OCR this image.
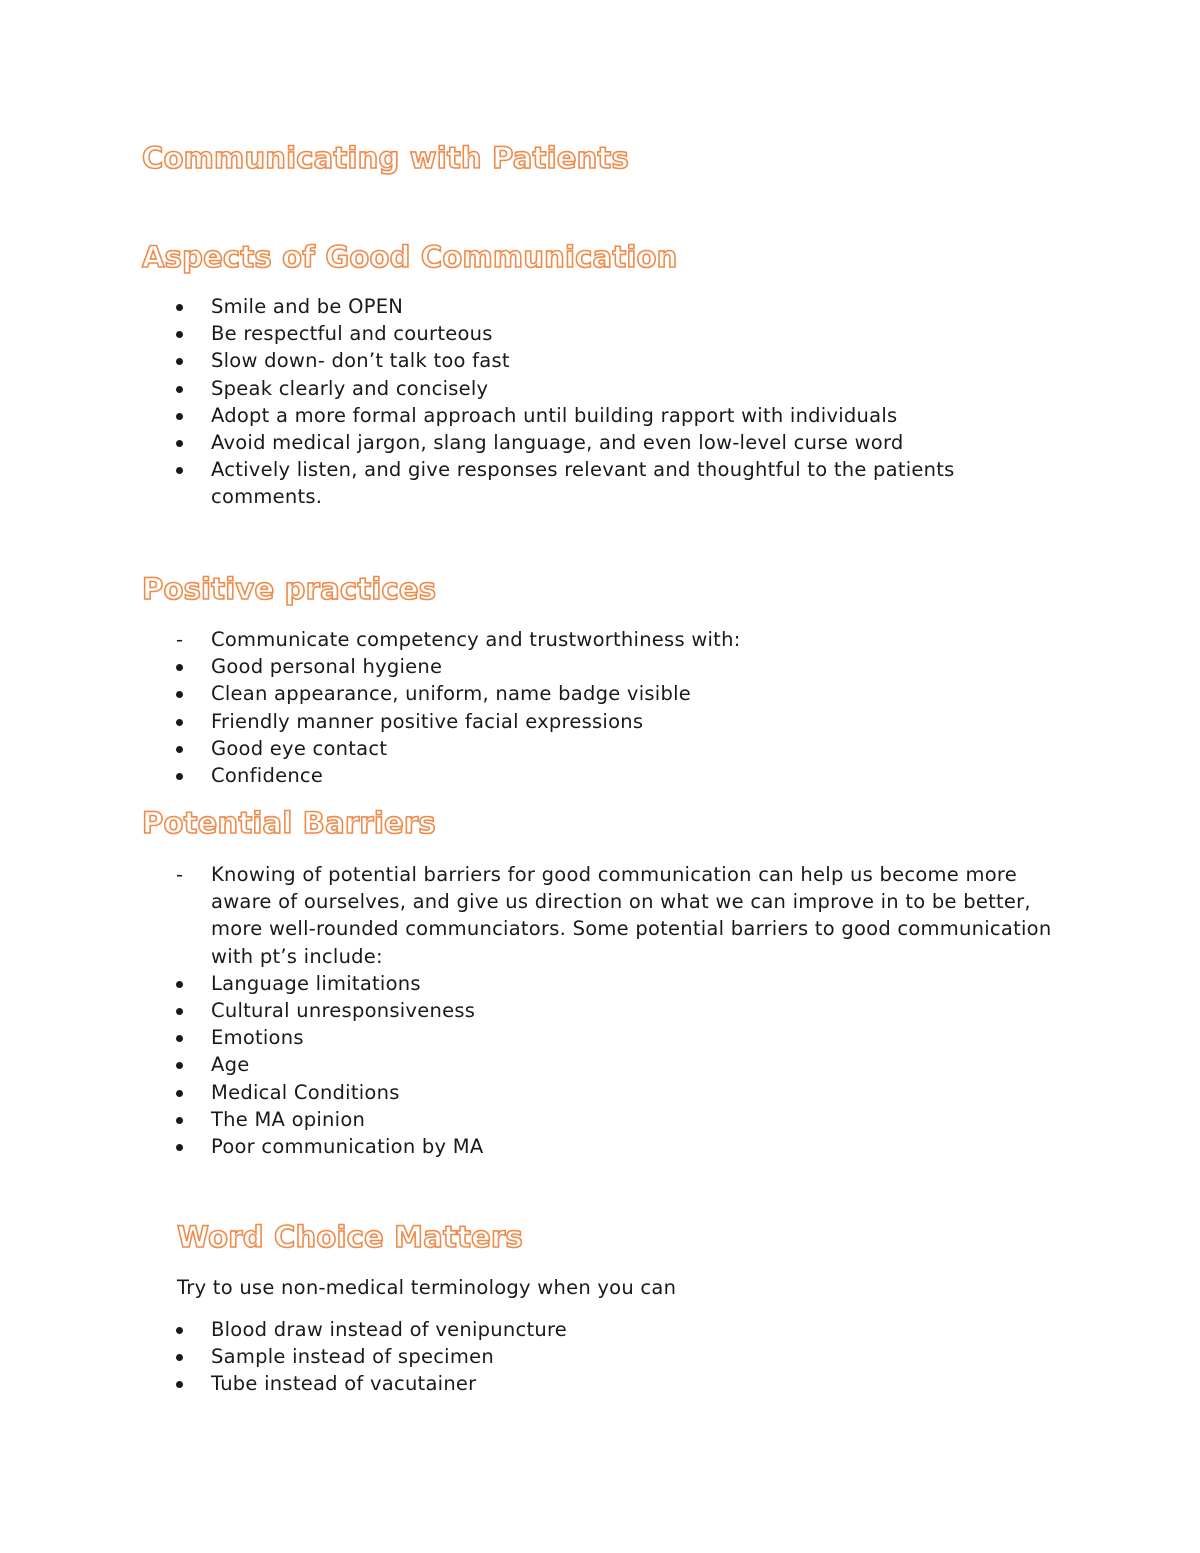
Communicating with Patients
Aspects of Good Communication
Smile and be OPEN
Be respectful and courteous
Slow down- don’t talk too fast
Speak clearly and concisely
Adopt a more formal approach until building rapport with individuals
Avoid medical jargon, slang language, and even low-level curse word
Actively listen, and give responses relevant and thoughtful to the patients comments.
Positive practices
Communicate competency and trustworthiness with:
Good personal hygiene
Clean appearance, uniform, name badge visible
Friendly manner positive facial expressions
Good eye contact
Confidence
Potential Barriers
Knowing of potential barriers for good communication can help us become more aware of ourselves, and give us direction on what we can improve in to be better, more well-rounded communciators. Some potential barriers to good communication with pt’s include:
Language limitations
Cultural unresponsiveness
Emotions
Age
Medical Conditions
The MA opinion
Poor communication by MA
Word Choice Matters

Try to use non-medical terminology when you can

Blood draw instead of venipuncture
Sample instead of specimen
Tube instead of vacutainer
